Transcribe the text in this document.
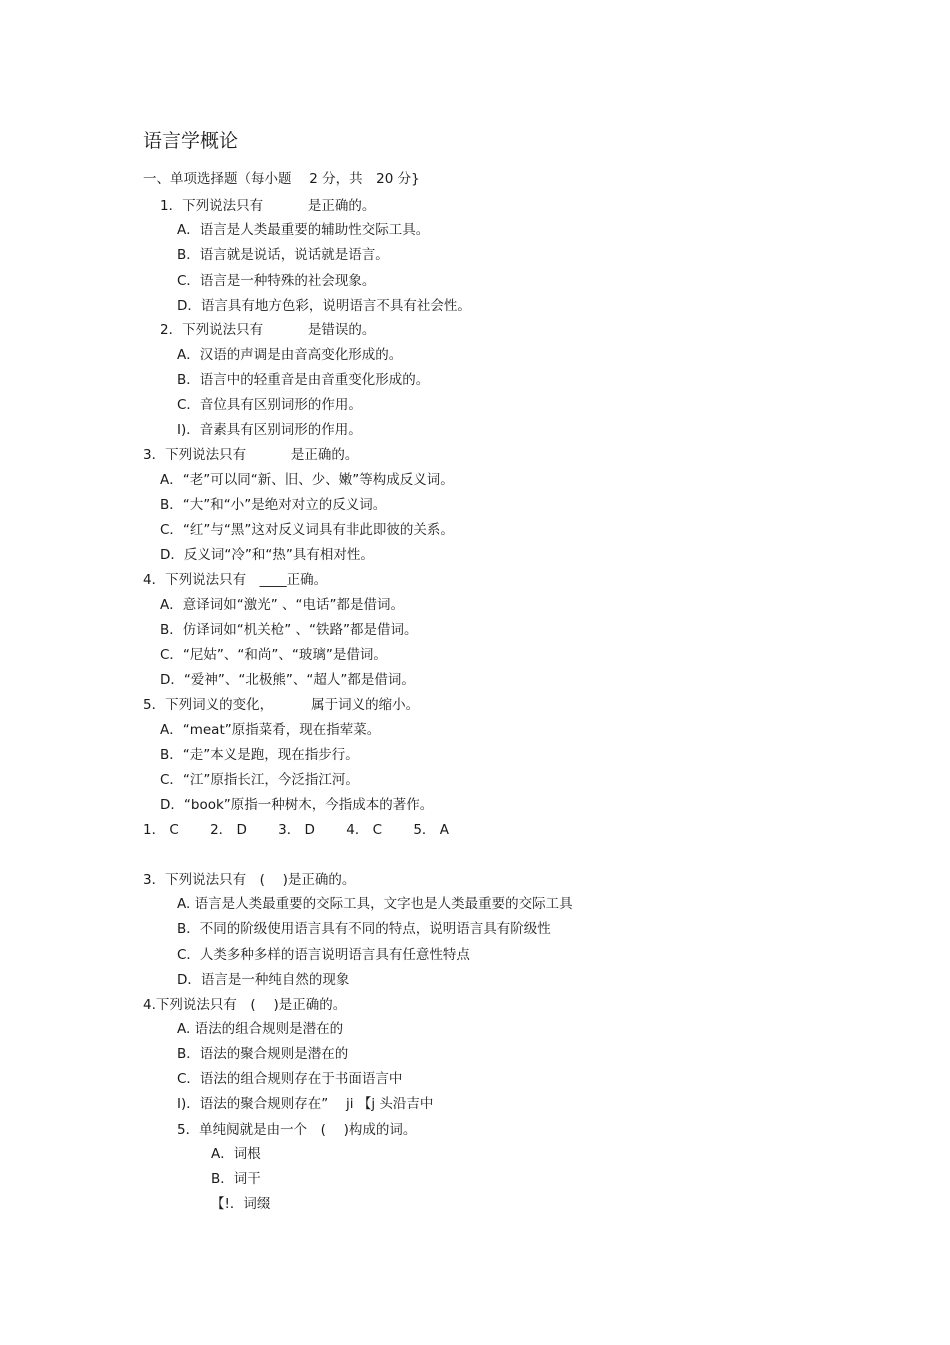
语言学概论
一、单项选择题（每小题　 2 分，共　20 分}
1．下列说法只有　　　 是正确的。
A．语言是人类最重要的辅助性交际工具。
B．语言就是说话，说话就是语言。
C．语言是一种特殊的社会现象。
D．语言具有地方色彩，说明语言不具有社会性。
2．下列说法只有　　　 是错误的。
A．汉语的声调是由音高变化形成的。
B．语言中的轻重音是由音重变化形成的。
C．音位具有区别词形的作用。
I)．音素具有区别词形的作用。
3．下列说法只有　　　 是正确的。
A．“老”可以同“新、旧、少、嫩”等构成反义词。
B．“大”和“小”是绝对对立的反义词。
C．“红”与“黑”这对反义词具有非此即彼的关系。
D．反义词“冷”和“热”具有相对性。
4．下列说法只有　____正确。
A．意译词如“激光” 、“电话”都是借词。
B．仿译词如“机关枪” 、“铁路”都是借词。
C．“尼姑”、“和尚”、“玻璃”是借词。
D．“爱神”、“北极熊”、“超人”都是借词。
5．下列词义的变化，　　　 属于词义的缩小。
A．“meat”原指菜肴，现在指荤菜。
B．“走”本义是跑，现在指步行。
C．“江”原指长江，今泛指江河。
D．“book”原指一种树木，今指成本的著作。
1． C　　 2． D　　 3． D　　 4． C　　 5． A
3．下列说法只有　(　 )是正确的。
A. 语言是人类最重要的交际工具，文字也是人类最重要的交际工具
B．不同的阶级使用语言具有不同的特点，说明语言具有阶级性
C．人类多种多样的语言说明语言具有任意性特点
D．语言是一种纯自然的现象
4.下列说法只有　(　 )是正确的。
A. 语法的组合规则是潜在的
B．语法的聚合规则是潜在的
C．语法的组合规则存在于书面语言中
I)．语法的聚合规则存在”　 ji 【j 头沿吉中
5．单纯阋就是由一个　(　 )构成的词。
A．词根
B．词干
【!．词缀
